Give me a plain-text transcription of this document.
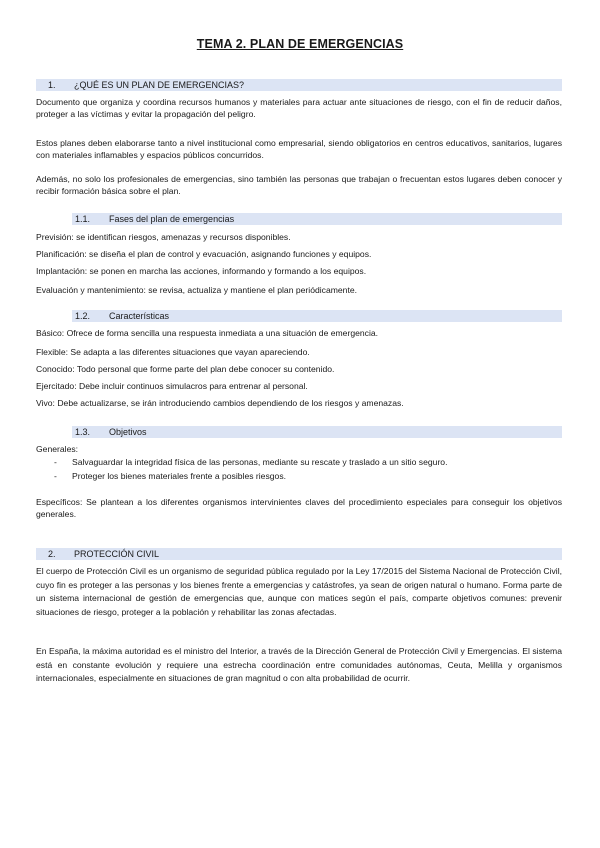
TEMA 2. PLAN DE EMERGENCIAS
1. ¿QUÉ ES UN PLAN DE EMERGENCIAS?
Documento que organiza y coordina recursos humanos y materiales para actuar ante situaciones de riesgo, con el fin de reducir daños, proteger a las víctimas y evitar la propagación del peligro.
Estos planes deben elaborarse tanto a nivel institucional como empresarial, siendo obligatorios en centros educativos, sanitarios, lugares con materiales inflamables y espacios públicos concurridos.
Además, no solo los profesionales de emergencias, sino también las personas que trabajan o frecuentan estos lugares deben conocer y recibir formación básica sobre el plan.
1.1. Fases del plan de emergencias
Previsión: se identifican riesgos, amenazas y recursos disponibles.
Planificación: se diseña el plan de control y evacuación, asignando funciones y equipos.
Implantación: se ponen en marcha las acciones, informando y formando a los equipos.
Evaluación y mantenimiento: se revisa, actualiza y mantiene el plan periódicamente.
1.2. Características
Básico: Ofrece de forma sencilla una respuesta inmediata a una situación de emergencia.
Flexible: Se adapta a las diferentes situaciones que vayan apareciendo.
Conocido: Todo personal que forme parte del plan debe conocer su contenido.
Ejercitado: Debe incluir continuos simulacros para entrenar al personal.
Vivo: Debe actualizarse, se irán introduciendo cambios dependiendo de los riesgos y amenazas.
1.3. Objetivos
Generales:
- Salvaguardar la integridad física de las personas, mediante su rescate y traslado a un sitio seguro.
- Proteger los bienes materiales frente a posibles riesgos.
Específicos: Se plantean a los diferentes organismos intervinientes claves del procedimiento especiales para conseguir los objetivos generales.
2. PROTECCIÓN CIVIL
El cuerpo de Protección Civil es un organismo de seguridad pública regulado por la Ley 17/2015 del Sistema Nacional de Protección Civil, cuyo fin es proteger a las personas y los bienes frente a emergencias y catástrofes, ya sean de origen natural o humano. Forma parte de un sistema internacional de gestión de emergencias que, aunque con matices según el país, comparte objetivos comunes: prevenir situaciones de riesgo, proteger a la población y rehabilitar las zonas afectadas.
En España, la máxima autoridad es el ministro del Interior, a través de la Dirección General de Protección Civil y Emergencias. El sistema está en constante evolución y requiere una estrecha coordinación entre comunidades autónomas, Ceuta, Melilla y organismos internacionales, especialmente en situaciones de gran magnitud o con alta probabilidad de ocurrir.
